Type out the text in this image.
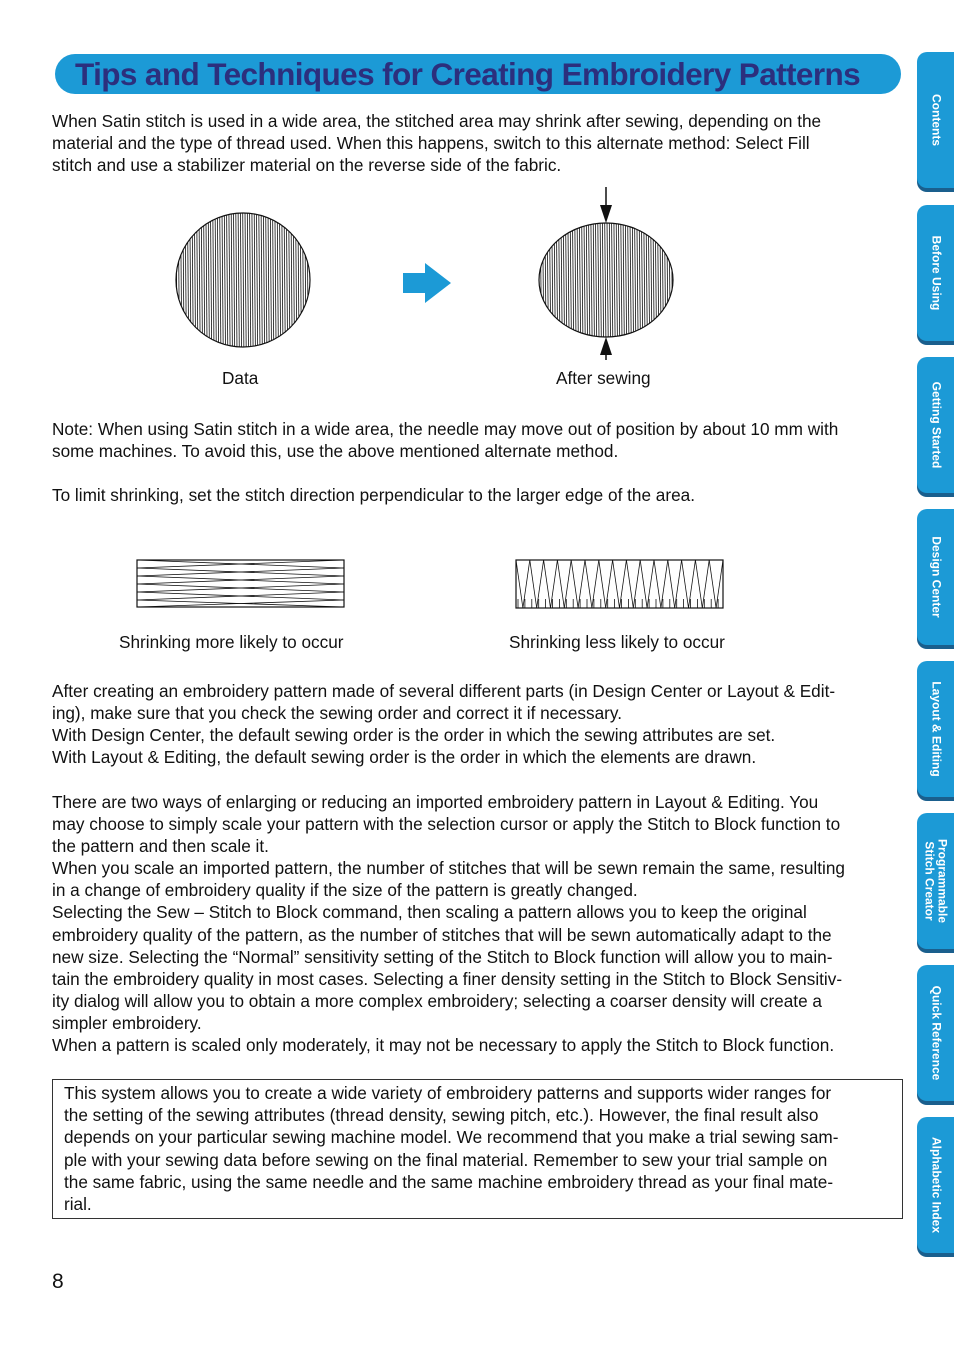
Tips and Techniques for Creating Embroidery Patterns

When Satin stitch is used in a wide area, the stitched area may shrink after sewing, depending on the
material and the type of thread used. When this happens, switch to this alternate method: Select Fill
stitch and use a stabilizer material on the reverse side of the fabric.

Data	After sewing

Note: When using Satin stitch in a wide area, the needle may move out of position by about 10 mm with
some machines. To avoid this, use the above mentioned alternate method.

To limit shrinking, set the stitch direction perpendicular to the larger edge of the area.

Shrinking more likely to occur	Shrinking less likely to occur

After creating an embroidery pattern made of several different parts (in Design Center or Layout & Edit-
ing), make sure that you check the sewing order and correct it if necessary.
With Design Center, the default sewing order is the order in which the sewing attributes are set.
With Layout & Editing, the default sewing order is the order in which the elements are drawn.

There are two ways of enlarging or reducing an imported embroidery pattern in Layout & Editing. You
may choose to simply scale your pattern with the selection cursor or apply the Stitch to Block function to
the pattern and then scale it.
When you scale an imported pattern, the number of stitches that will be sewn remain the same, resulting
in a change of embroidery quality if the size of the pattern is greatly changed.
Selecting the Sew – Stitch to Block command, then scaling a pattern allows you to keep the original
embroidery quality of the pattern, as the number of stitches that will be sewn automatically adapt to the
new size. Selecting the “Normal” sensitivity setting of the Stitch to Block function will allow you to main-
tain the embroidery quality in most cases. Selecting a finer density setting in the Stitch to Block Sensitiv-
ity dialog will allow you to obtain a more complex embroidery; selecting a coarser density will create a
simpler embroidery.
When a pattern is scaled only moderately, it may not be necessary to apply the Stitch to Block function.

This system allows you to create a wide variety of embroidery patterns and supports wider ranges for
the setting of the sewing attributes (thread density, sewing pitch, etc.). However, the final result also
depends on your particular sewing machine model. We recommend that you make a trial sewing sam-
ple with your sewing data before sewing on the final material. Remember to sew your trial sample on
the same fabric, using the same needle and the same machine embroidery thread as your final mate-
rial.
8
Contents
Before Using
Getting Started
Design Center
Layout & Editing
Programmable
Stitch Creator
Quick Reference
Alphabetic Index
